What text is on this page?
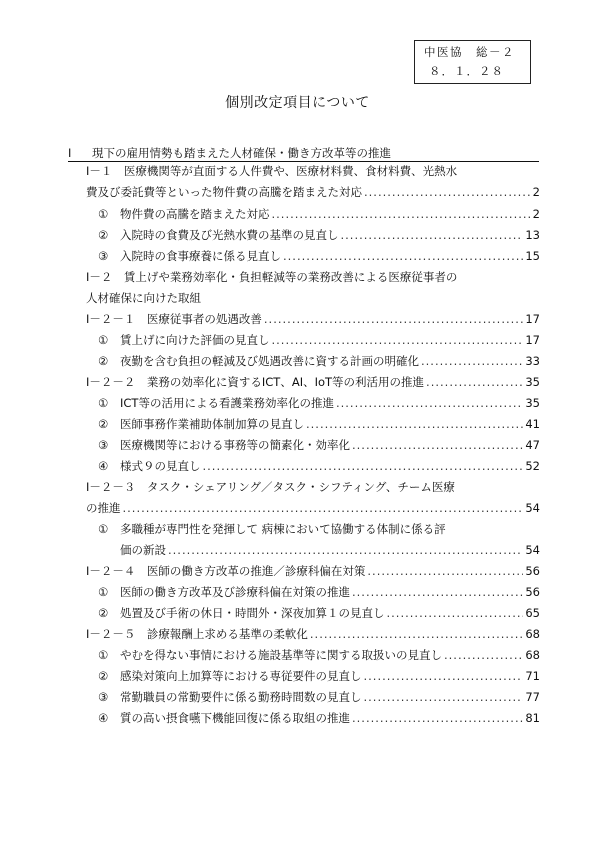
中医協　総－２
８．１．２８
個別改定項目について
Ⅰ 現下の雇用情勢も踏まえた人材確保・働き方改革等の推進
Ⅰ－１　医療機関等が直面する人件費や、医療材料費、食材料費、光熱水
費及び委託費等といった物件費の高騰を踏まえた対応 .....	2
① 物件費の高騰を踏まえた対応 .....	2
② 入院時の食費及び光熱水費の基準の見直し .....	13
③ 入院時の食事療養に係る見直し .....	15
Ⅰ－２　賃上げや業務効率化・負担軽減等の業務改善による医療従事者の
人材確保に向けた取組
Ⅰ－２－１　医療従事者の処遇改善 .....	17
① 賃上げに向けた評価の見直し .....	17
② 夜勤を含む負担の軽減及び処遇改善に資する計画の明確化 .....	33
Ⅰ－２－２　業務の効率化に資するICT、AI、IoT等の利活用の推進 .....	35
① ICT等の活用による看護業務効率化の推進 .....	35
② 医師事務作業補助体制加算の見直し .....	41
③ 医療機関等における事務等の簡素化・効率化 .....	47
④ 様式９の見直し .....	52
Ⅰ－２－３　タスク・シェアリング／タスク・シフティング、チーム医療
の推進 .....	54
① 多職種が専門性を発揮して 病棟において協働する体制に係る評
価の新設 .....	54
Ⅰ－２－４　医師の働き方改革の推進／診療科偏在対策 .....	56
① 医師の働き方改革及び診療科偏在対策の推進 .....	56
② 処置及び手術の休日・時間外・深夜加算１の見直し .....	65
Ⅰ－２－５　診療報酬上求める基準の柔軟化 .....	68
① やむを得ない事情における施設基準等に関する取扱いの見直し .....	68
② 感染対策向上加算等における専従要件の見直し .....	71
③ 常勤職員の常勤要件に係る勤務時間数の見直し .....	77
④ 質の高い摂食嚥下機能回復に係る取組の推進 .....	81
